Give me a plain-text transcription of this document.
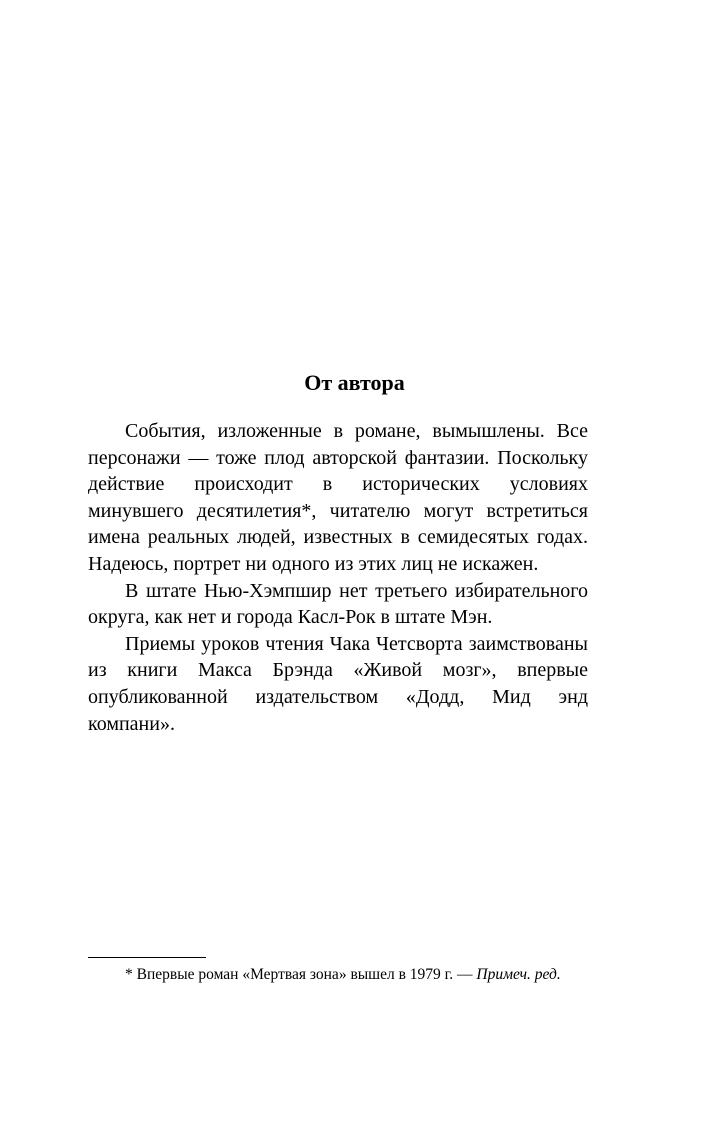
От автора

События, изложенные в романе, вымышлены. Все персонажи — тоже плод авторской фантазии. Поскольку действие происходит в исторических условиях минувшего десятилетия*, читателю могут встретиться имена реальных людей, известных в семидесятых годах. Надеюсь, портрет ни одного из этих лиц не искажен.

В штате Нью-Хэмпшир нет третьего избирательного округа, как нет и города Касл-Рок в штате Мэн.

Приемы уроков чтения Чака Четсворта заимствованы из книги Макса Брэнда «Живой мозг», впервые опубликованной издательством «Додд, Мид энд компани».

* Впервые роман «Мертвая зона» вышел в 1979 г. — Примеч. ред.
